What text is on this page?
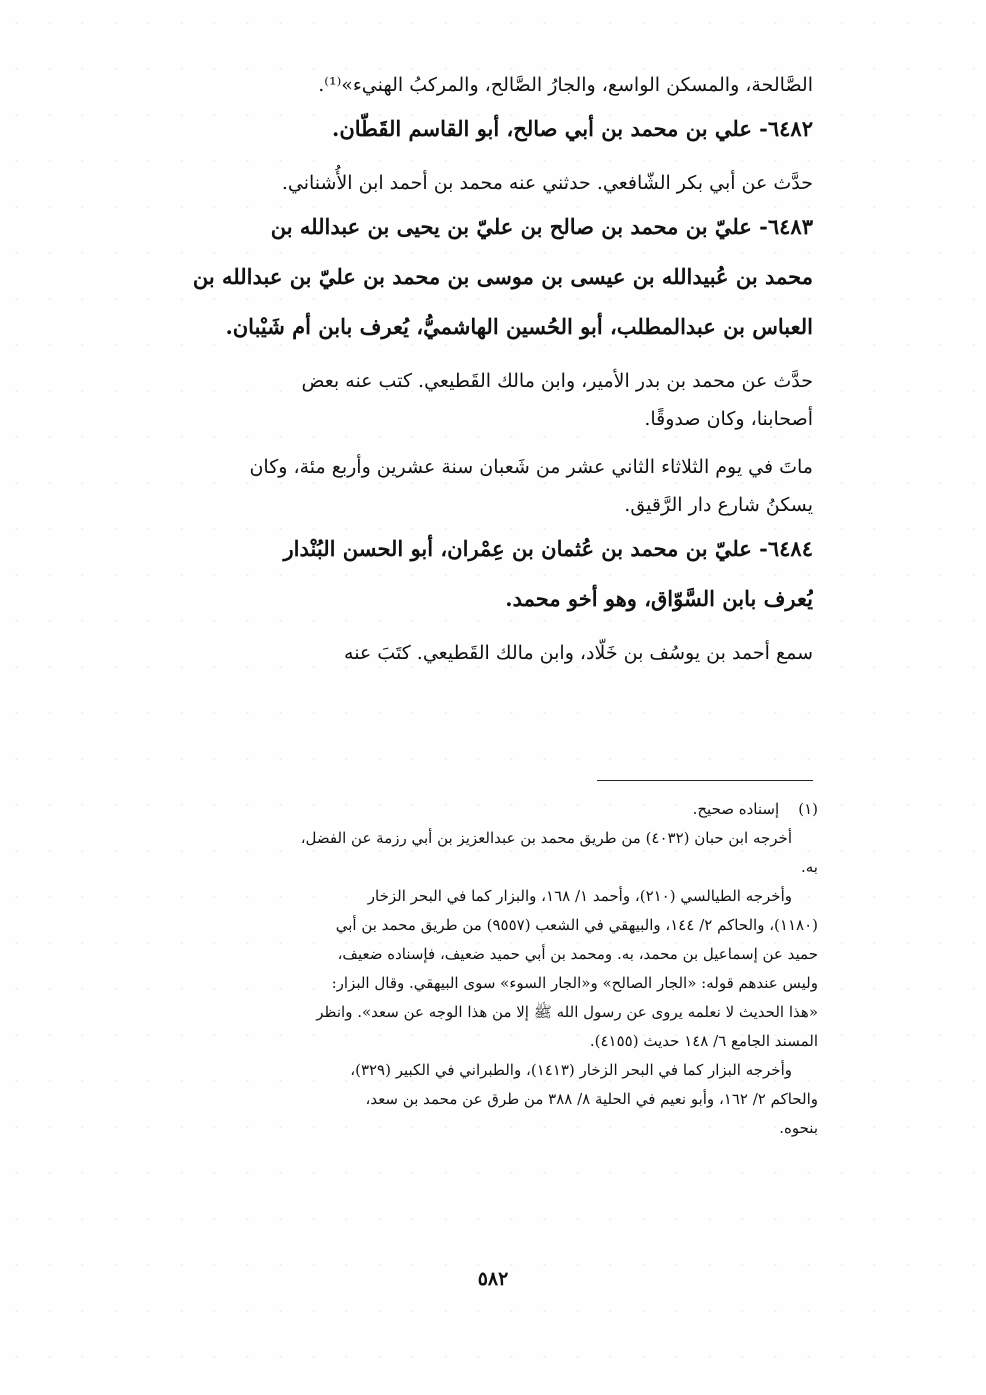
الصَّالحة، والمسكن الواسع، والجارُ الصَّالح، والمركبُ الهنيء»⁽¹⁾.

٦٤٨٢- علي بن محمد بن أبي صالح، أبو القاسم القَطّان.

حدَّث عن أبي بكر الشّافعي. حدثني عنه محمد بن أحمد ابن الأُشناني.

٦٤٨٣- عليّ بن محمد بن صالح بن عليّ بن يحيى بن عبدالله بن

محمد بن عُبيدالله بن عيسى بن موسى بن محمد بن عليّ بن عبدالله بن

العباس بن عبدالمطلب، أبو الحُسين الهاشميُّ، يُعرف بابن أم شَيْبان.

حدَّث عن محمد بن بدر الأمير، وابن مالك القَطيعي. كتب عنه بعض

أصحابنا، وكان صدوقًا.

ماتَ في يوم الثلاثاء الثاني عشر من شَعبان سنة عشرين وأربع مئة، وكان

يسكنُ شارع دار الرَّقيق.

٦٤٨٤- عليّ بن محمد بن عُثمان بن عِمْران، أبو الحسن البُنْدار

يُعرف بابن السَّوّاق، وهو أخو محمد.

سمع أحمد بن يوسُف بن خَلّاد، وابن مالك القَطيعي. كتَبَ عنه

(١)    إسناده صحيح.

أخرجه ابن حبان (٤٠٣٢) من طريق محمد بن عبدالعزيز بن أبي رزمة عن الفضل،

به.

وأخرجه الطيالسي (٢١٠)، وأحمد ١/ ١٦٨، والبزار كما في البحر الزخار

(١١٨٠)، والحاكم ٢/ ١٤٤، والبيهقي في الشعب (٩٥٥٧) من طريق محمد بن أبي

حميد عن إسماعيل بن محمد، به. ومحمد بن أبي حميد ضعيف، فإسناده ضعيف،

وليس عندهم قوله: «الجار الصالح» و«الجار السوء» سوى البيهقي. وقال البزار:

«هذا الحديث لا نعلمه يروى عن رسول الله ﷺ إلا من هذا الوجه عن سعد». وانظر

المسند الجامع ٦/ ١٤٨ حديث (٤١٥٥).

وأخرجه البزار كما في البحر الزخار (١٤١٣)، والطبراني في الكبير (٣٢٩)،

والحاكم ٢/ ١٦٢، وأبو نعيم في الحلية ٨/ ٣٨٨ من طرق عن محمد بن سعد،

بنحوه.

٥٨٢
